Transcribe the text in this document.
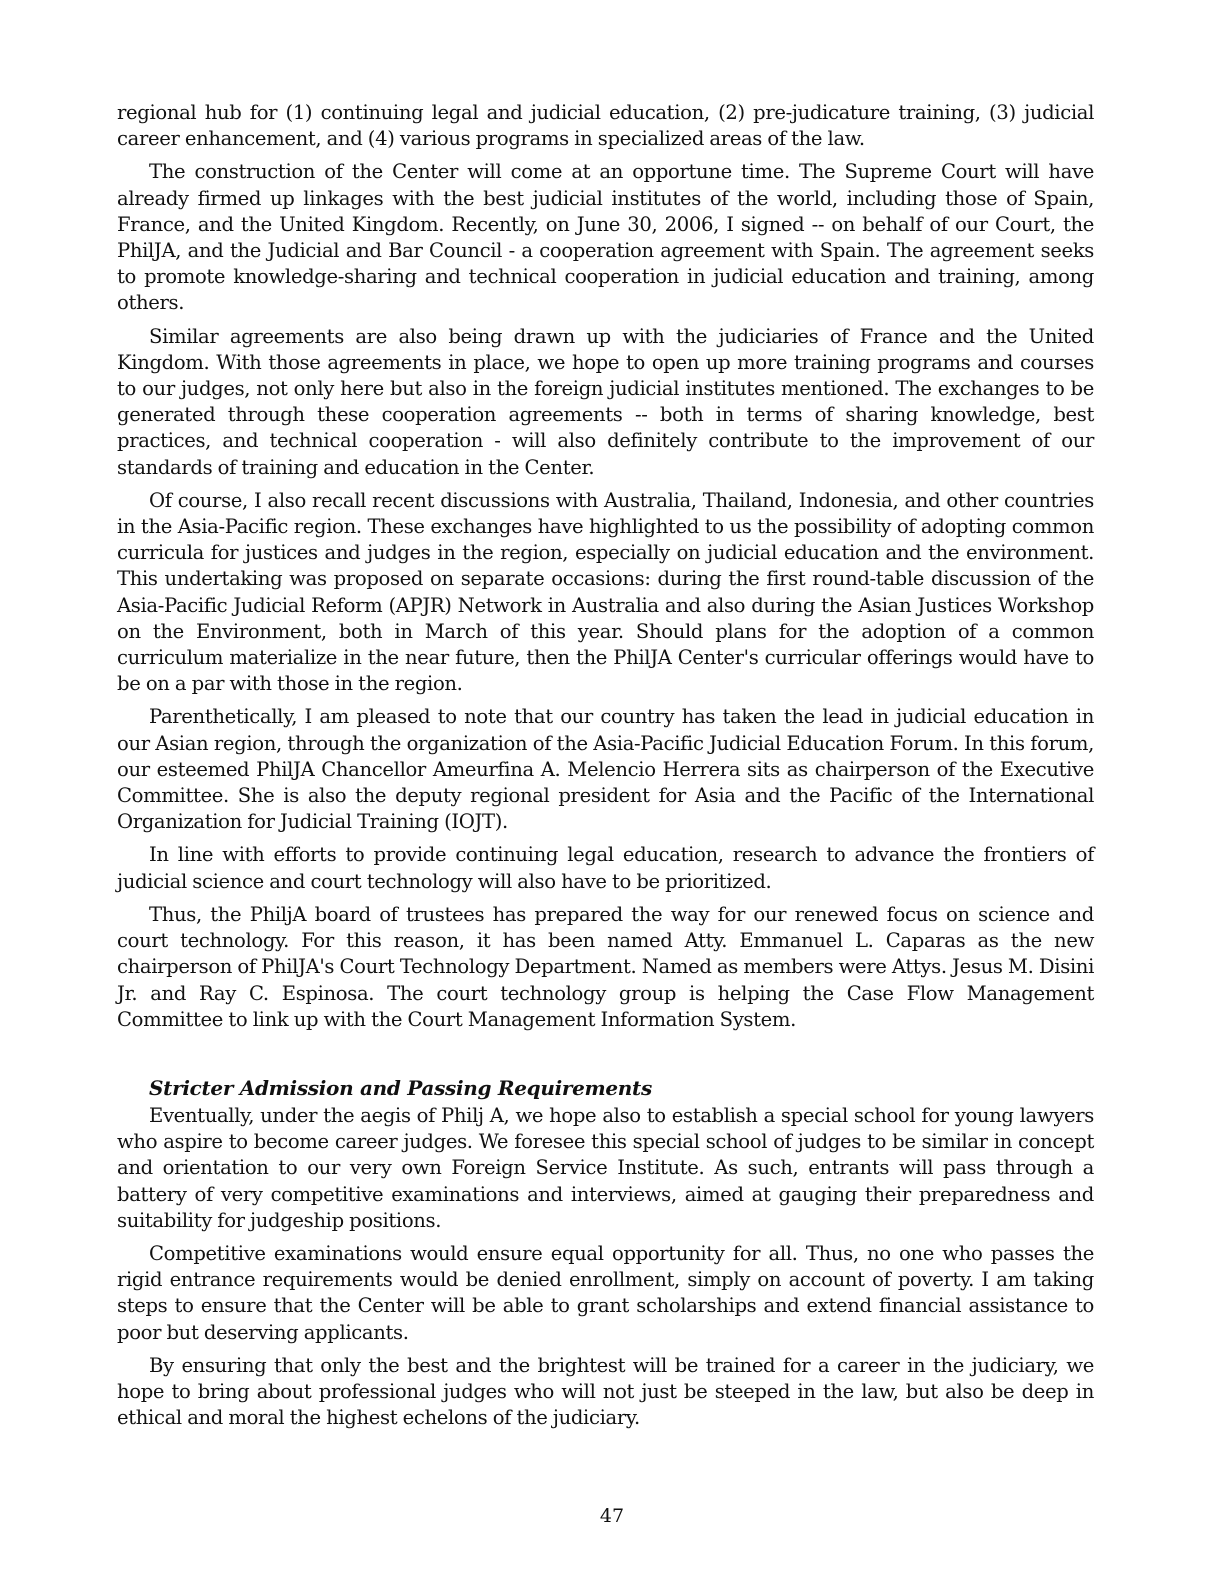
regional hub for (1) continuing legal and judicial education, (2) pre-judicature training, (3) judicial career enhancement, and (4) various programs in specialized areas of the law.

The construction of the Center will come at an opportune time. The Supreme Court will have already firmed up linkages with the best judicial institutes of the world, including those of Spain, France, and the United Kingdom. Recently, on June 30, 2006, I signed -- on behalf of our Court, the PhilJA, and the Judicial and Bar Council - a cooperation agreement with Spain. The agreement seeks to promote knowledge-sharing and technical cooperation in judicial education and training, among others.

Similar agreements are also being drawn up with the judiciaries of France and the United Kingdom. With those agreements in place, we hope to open up more training programs and courses to our judges, not only here but also in the foreign judicial institutes mentioned. The exchanges to be generated through these cooperation agreements -- both in terms of sharing knowledge, best practices, and technical cooperation - will also definitely contribute to the improvement of our standards of training and education in the Center.

Of course, I also recall recent discussions with Australia, Thailand, Indonesia, and other countries in the Asia-Pacific region. These exchanges have highlighted to us the possibility of adopting common curricula for justices and judges in the region, especially on judicial education and the environment. This undertaking was proposed on separate occasions: during the first round-table discussion of the Asia-Pacific Judicial Reform (APJR) Network in Australia and also during the Asian Justices Workshop on the Environment, both in March of this year. Should plans for the adoption of a common curriculum materialize in the near future, then the PhilJA Center's curricular offerings would have to be on a par with those in the region.

Parenthetically, I am pleased to note that our country has taken the lead in judicial education in our Asian region, through the organization of the Asia-Pacific Judicial Education Forum. In this forum, our esteemed PhilJA Chancellor Ameurfina A. Melencio Herrera sits as chairperson of the Executive Committee. She is also the deputy regional president for Asia and the Pacific of the International Organization for Judicial Training (IOJT).

In line with efforts to provide continuing legal education, research to advance the frontiers of judicial science and court technology will also have to be prioritized.

Thus, the PhiljA board of trustees has prepared the way for our renewed focus on science and court technology. For this reason, it has been named Atty. Emmanuel L. Caparas as the new chairperson of PhilJA's Court Technology Department. Named as members were Attys. Jesus M. Disini Jr. and Ray C. Espinosa. The court technology group is helping the Case Flow Management Committee to link up with the Court Management Information System.

Stricter Admission and Passing Requirements

Eventually, under the aegis of Philj A, we hope also to establish a special school for young lawyers who aspire to become career judges. We foresee this special school of judges to be similar in concept and orientation to our very own Foreign Service Institute. As such, entrants will pass through a battery of very competitive examinations and interviews, aimed at gauging their preparedness and suitability for judgeship positions.

Competitive examinations would ensure equal opportunity for all. Thus, no one who passes the rigid entrance requirements would be denied enrollment, simply on account of poverty. I am taking steps to ensure that the Center will be able to grant scholarships and extend financial assistance to poor but deserving applicants.

By ensuring that only the best and the brightest will be trained for a career in the judiciary, we hope to bring about professional judges who will not just be steeped in the law, but also be deep in ethical and moral the highest echelons of the judiciary.

47
